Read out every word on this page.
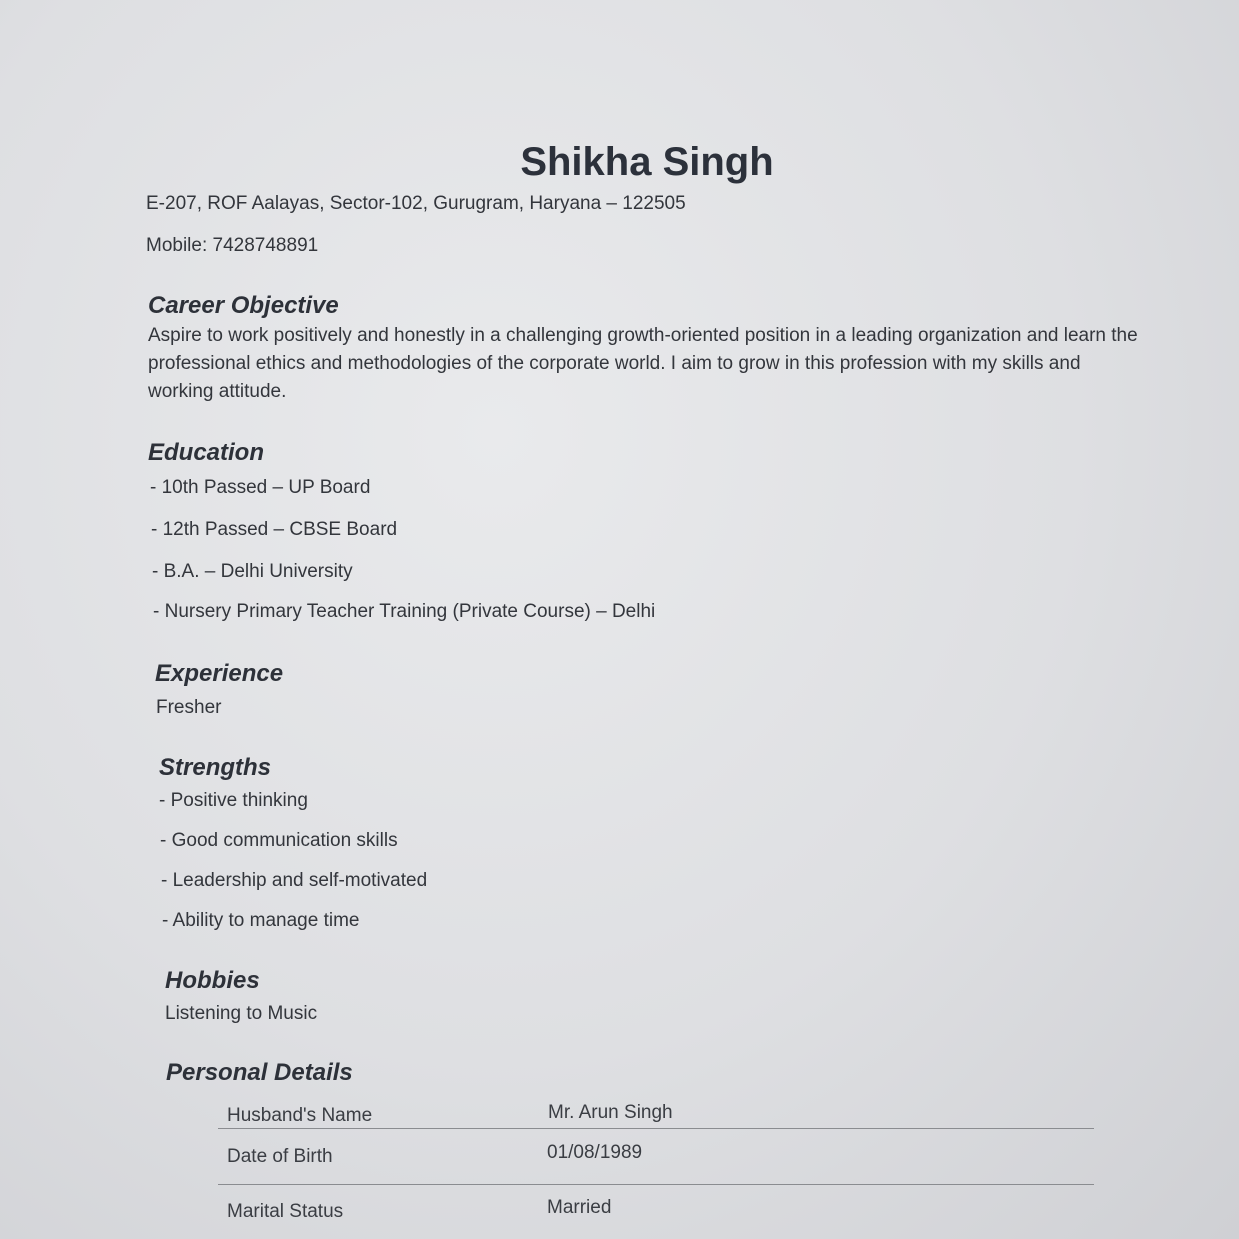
Shikha Singh
E-207, ROF Aalayas, Sector-102, Gurugram, Haryana – 122505
Mobile: 7428748891
Career Objective
Aspire to work positively and honestly in a challenging growth-oriented position in a leading organization and learn the professional ethics and methodologies of the corporate world. I aim to grow in this profession with my skills and working attitude.
Education
- 10th Passed – UP Board
- 12th Passed – CBSE Board
- B.A. – Delhi University
- Nursery Primary Teacher Training (Private Course) – Delhi
Experience
Fresher
Strengths
- Positive thinking
- Good communication skills
- Leadership and self-motivated
- Ability to manage time
Hobbies
Listening to Music
Personal Details
Husband's Name	Mr. Arun Singh
Date of Birth	01/08/1989
Marital Status	Married
